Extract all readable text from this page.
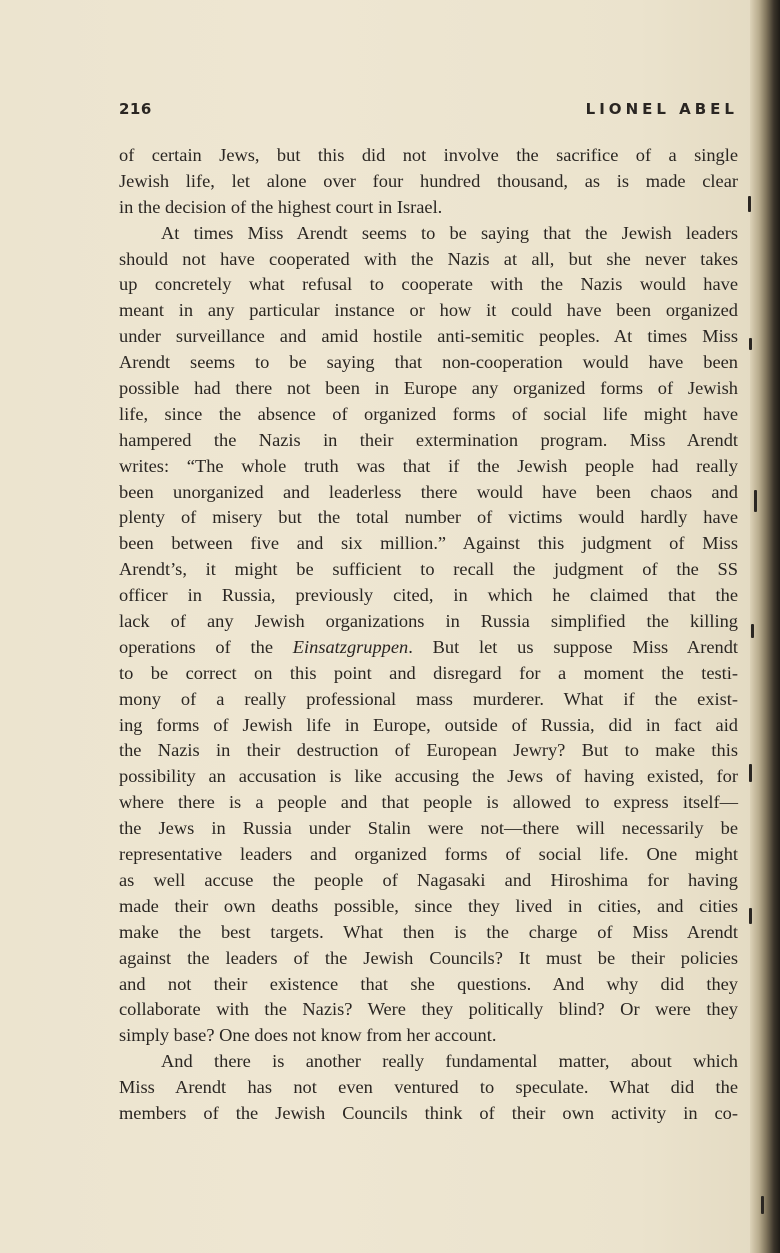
216	LIONEL ABEL
of certain Jews, but this did not involve the sacrifice of a single
Jewish life, let alone over four hundred thousand, as is made clear
in the decision of the highest court in Israel.
At times Miss Arendt seems to be saying that the Jewish leaders
should not have cooperated with the Nazis at all, but she never takes
up concretely what refusal to cooperate with the Nazis would have
meant in any particular instance or how it could have been organized
under surveillance and amid hostile anti-semitic peoples. At times Miss
Arendt seems to be saying that non-cooperation would have been
possible had there not been in Europe any organized forms of Jewish
life, since the absence of organized forms of social life might have
hampered the Nazis in their extermination program. Miss Arendt
writes: “The whole truth was that if the Jewish people had really
been unorganized and leaderless there would have been chaos and
plenty of misery but the total number of victims would hardly have
been between five and six million.” Against this judgment of Miss
Arendt’s, it might be sufficient to recall the judgment of the SS
officer in Russia, previously cited, in which he claimed that the
lack of any Jewish organizations in Russia simplified the killing
operations of the Einsatzgruppen. But let us suppose Miss Arendt
to be correct on this point and disregard for a moment the testi-
mony of a really professional mass murderer. What if the exist-
ing forms of Jewish life in Europe, outside of Russia, did in fact aid
the Nazis in their destruction of European Jewry? But to make this
possibility an accusation is like accusing the Jews of having existed, for
where there is a people and that people is allowed to express itself—
the Jews in Russia under Stalin were not—there will necessarily be
representative leaders and organized forms of social life. One might
as well accuse the people of Nagasaki and Hiroshima for having
made their own deaths possible, since they lived in cities, and cities
make the best targets. What then is the charge of Miss Arendt
against the leaders of the Jewish Councils? It must be their policies
and not their existence that she questions. And why did they
collaborate with the Nazis? Were they politically blind? Or were they
simply base? One does not know from her account.
And there is another really fundamental matter, about which
Miss Arendt has not even ventured to speculate. What did the
members of the Jewish Councils think of their own activity in co-
